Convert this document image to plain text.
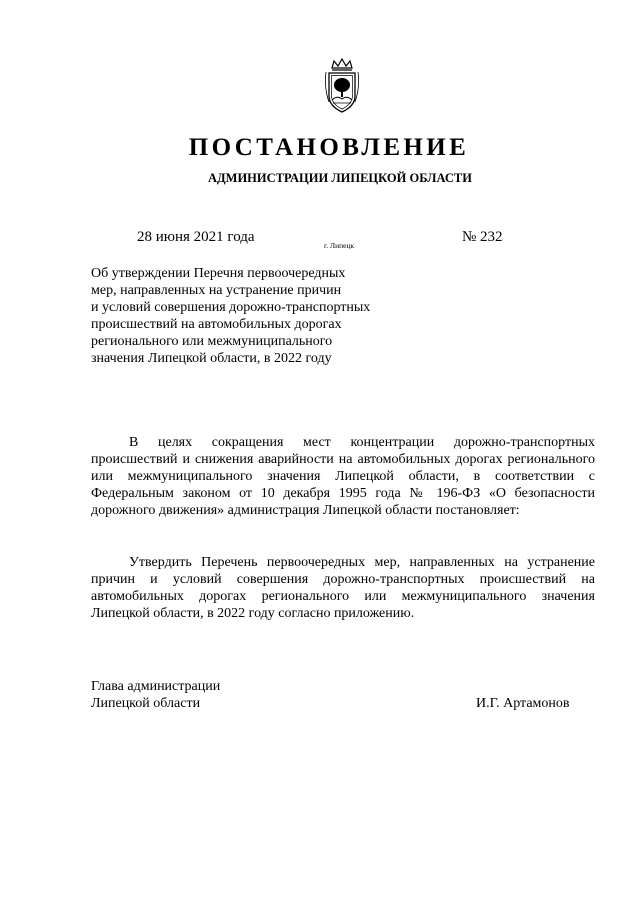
ПОСТАНОВЛЕНИЕ
АДМИНИСТРАЦИИ ЛИПЕЦКОЙ ОБЛАСТИ
28 июня 2021 года
г. Липецк
№ 232
Об утверждении Перечня первоочередных
мер, направленных на устранение причин
и условий совершения дорожно-транспортных
происшествий на автомобильных дорогах
регионального или межмуниципального
значения Липецкой области, в 2022 году

В целях сокращения мест концентрации дорожно-транспортных происшествий и снижения аварийности на автомобильных дорогах регионального или межмуниципального значения Липецкой области, в соответствии с Федеральным законом от 10 декабря 1995 года № 196-ФЗ «О безопасности дорожного движения» администрация Липецкой области постановляет:

Утвердить Перечень первоочередных мер, направленных на устранение причин и условий совершения дорожно-транспортных происшествий на автомобильных дорогах регионального или межмуниципального значения Липецкой области, в 2022 году согласно приложению.

Глава администрации
Липецкой области	И.Г. Артамонов
